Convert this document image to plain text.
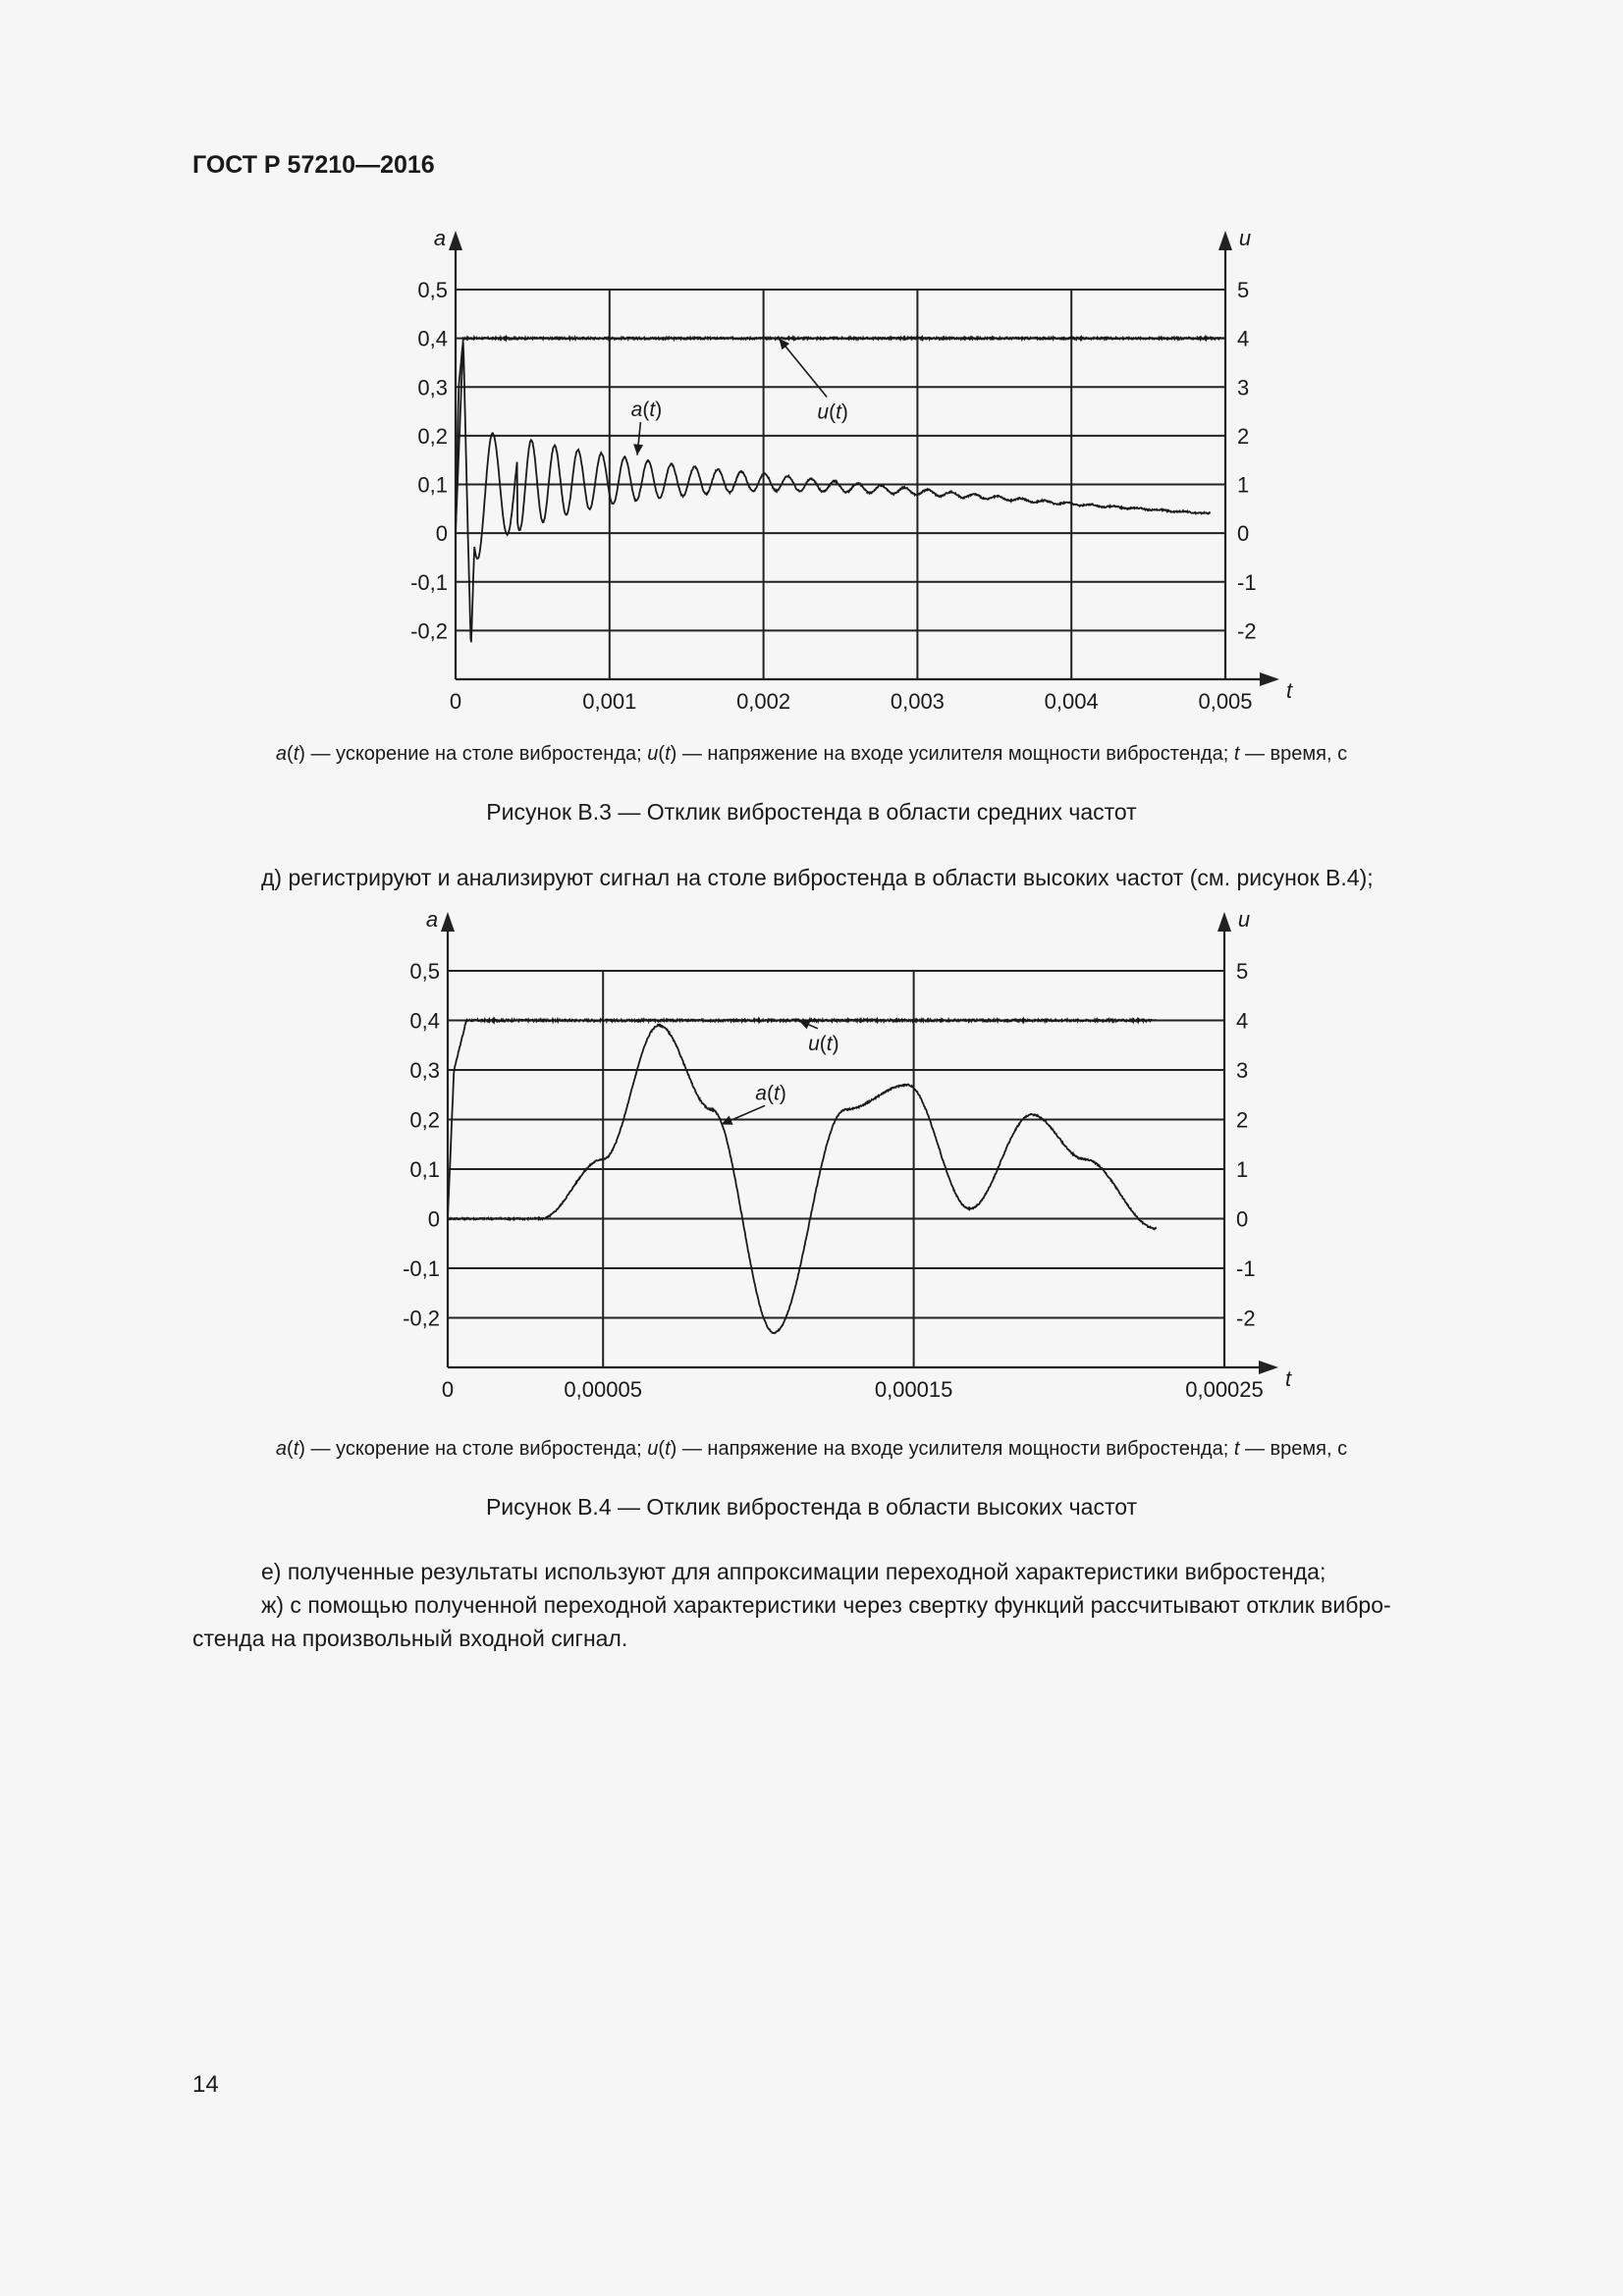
ГОСТ Р 57210—2016
a	u
t
0,5	5
0,4	4
0,3	3
0,2	2
0,1	1
0	0
-0,1	-1
-0,2	-2
0	0,001	0,002	0,003	0,004	0,005
a(t)	u(t)
a(t) — ускорение на столе вибростенда; u(t) — напряжение на входе усилителя мощности вибростенда; t — время, с
Рисунок В.3 — Отклик вибростенда в области средних частот
д) регистрируют и анализируют сигнал на столе вибростенда в области высоких частот (см. рисунок В.4);
a	u
t
0,5	5
0,4	4
0,3	3
0,2	2
0,1	1
0	0
-0,1	-1
-0,2	-2
0	0,00005	0,00015	0,00025
u(t)
a(t)
a(t) — ускорение на столе вибростенда; u(t) — напряжение на входе усилителя мощности вибростенда; t — время, с
Рисунок В.4 — Отклик вибростенда в области высоких частот
е) полученные результаты используют для аппроксимации переходной характеристики вибростенда;
ж) с помощью полученной переходной характеристики через свертку функций рассчитывают отклик вибро-
стенда на произвольный входной сигнал.
14
